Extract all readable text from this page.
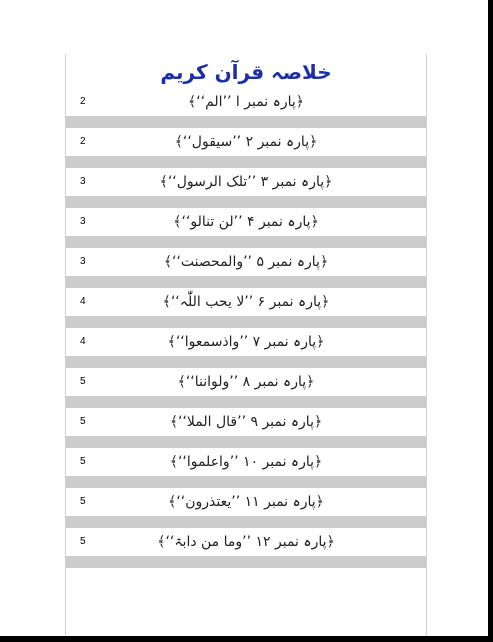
خلاصہ قرآن کریم
2	﴿پارہ نمبر ا ’’الم‘‘﴾
2	﴿پارہ نمبر ۲ ’’سیقول‘‘﴾
3	﴿پارہ نمبر ۳ ’’تلک الرسول‘‘﴾
3	﴿پارہ نمبر ۴ ’’لن تنالو‘‘﴾
3	﴿پارہ نمبر ۵ ’’والمحصنت‘‘﴾
4	﴿پارہ نمبر ۶ ’’لا یحب اللّٰہ‘‘﴾
4	﴿پارہ نمبر ۷ ’’واذسمعوا‘‘﴾
5	﴿پارہ نمبر ۸ ’’ولواننا‘‘﴾
5	﴿پارہ نمبر ۹ ’’قال الملا‘‘﴾
5	﴿پارہ نمبر ۱۰ ’’واعلموا‘‘﴾
5	﴿پارہ نمبر ۱۱ ’’یعتذرون‘‘﴾
5	﴿پارہ نمبر ۱۲ ’’وما من دابۃ‘‘﴾
